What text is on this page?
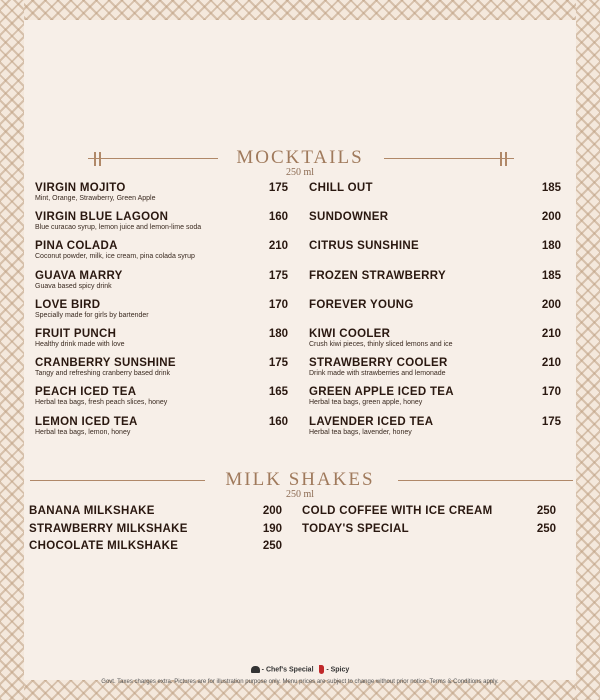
MOCKTAILS
250 ml
VIRGIN MOJITO
Mint, Orange, Strawberry, Green Apple
175
VIRGIN BLUE LAGOON
Blue curacao syrup, lemon juice and lemon-lime soda
160
PINA COLADA
Coconut powder, milk, ice cream, pina colada syrup
210
GUAVA MARRY
Guava based spicy drink
175
LOVE BIRD
Specially made for girls by bartender
170
FRUIT PUNCH
Healthy drink made with love
180
CRANBERRY SUNSHINE
Tangy and refreshing cranberry based drink
175
PEACH ICED TEA
Herbal tea bags, fresh peach slices, honey
165
LEMON ICED TEA
Herbal tea bags, lemon, honey
160
CHILL OUT	185
SUNDOWNER	200
CITRUS SUNSHINE	180
FROZEN STRAWBERRY	185
FOREVER YOUNG	200
KIWI COOLER
Crush kiwi pieces, thinly sliced lemons and ice
210
STRAWBERRY COOLER
Drink made with strawberries and lemonade
210
GREEN APPLE ICED TEA
Herbal tea bags, green apple, honey
170
LAVENDER ICED TEA
Herbal tea bags, lavender, honey
175
MILK SHAKES
250 ml
BANANA MILKSHAKE	200
STRAWBERRY MILKSHAKE	190
CHOCOLATE MILKSHAKE	250
COLD COFFEE WITH ICE CREAM	250
TODAY'S SPECIAL	250
- Chef's Special - Spicy
Govt. Taxes charges extra. Pictures are for illustration purpose only. Menu prices are subject to change without prior notice. Terms & Conditions apply.
